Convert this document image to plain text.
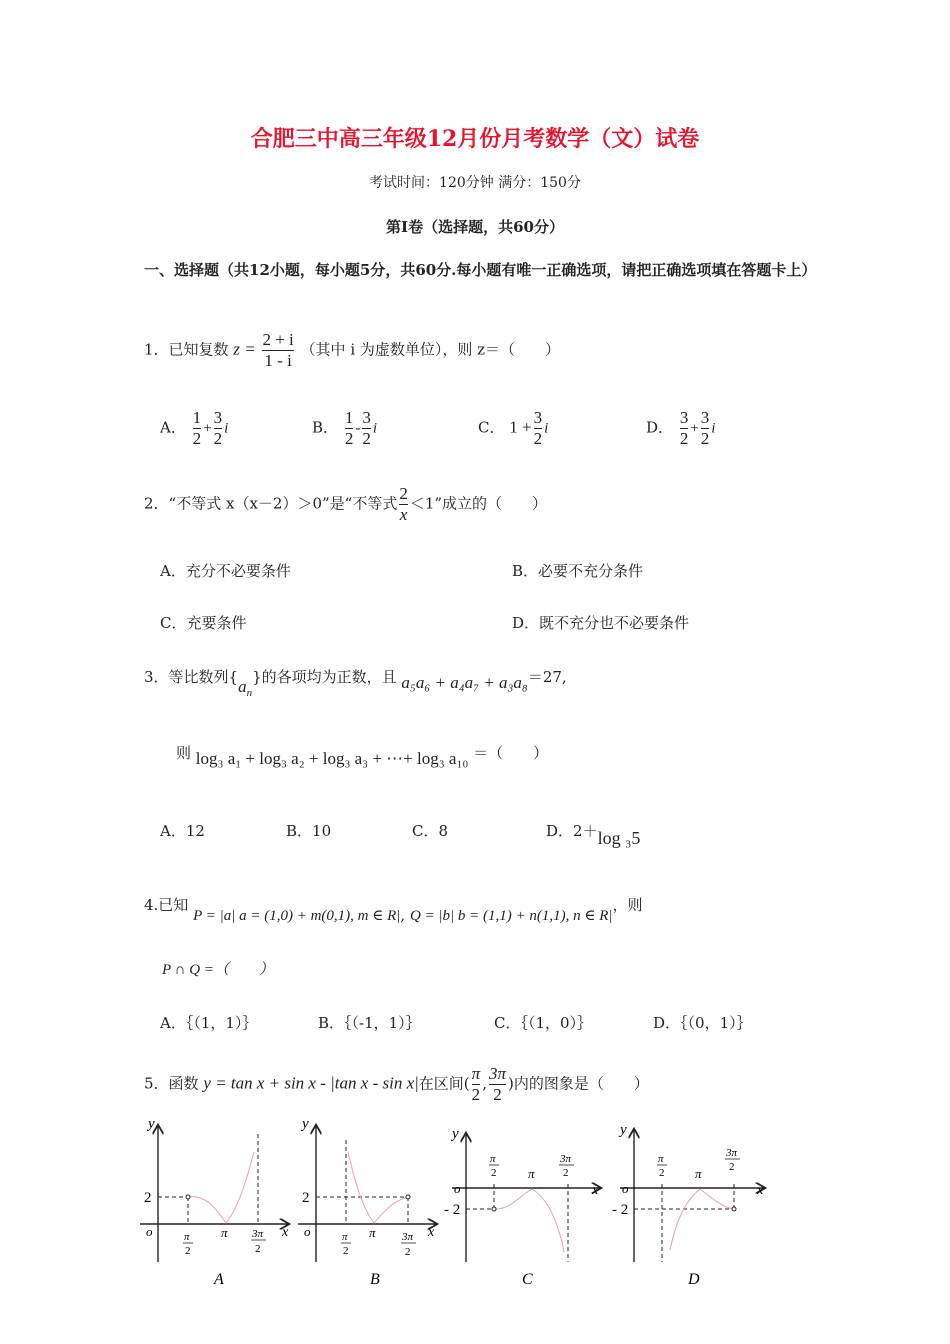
合肥三中高三年级12月份月考数学（文）试卷
考试时间：120分钟 满分：150分
第Ⅰ卷（选择题，共60分）
一、选择题（共12小题，每小题5分，共60分.每小题有唯一正确选项，请把正确选项填在答题卡上）
1．已知复数 $z = \frac{2 + i}{1 - i}$ （其中 i 为虚数单位），则 z＝（　　）
A． $\frac{1}{2} + \frac{3}{2}$ i	B． $\frac{1}{2} - \frac{3}{2}$ i	C． $1 + \frac{3}{2}$ i	D． $\frac{3}{2} + \frac{3}{2}$ i
2．“不等式 x（x－2）＞0”是“不等式 $\frac{2}{x} <1$”成立的（　　）
A．充分不必要条件	B．必要不充分条件
C．充要条件	D．既不充分也不必要条件
3．等比数列$\{a_n\}$的各项均为正数，且 a₅a₆ + a₄a₇ + a₃a₈＝27,
则 log₃ a₁ + log₃ a₂ + log₃ a₃ + ⋯+ log₃ a₁₀ ＝（　　）
A．12	B．10	C．8	D．2＋log ₃5
4.已知 P = |a| a = (1,0) + m(0,1), m ∈ R|, Q = |b| b = (1,1) + n(1,1), n ∈ R|，则
P ∩ Q =（　　）
A．｛（1，1）｝	B．｛（-1，1）｝	C．｛（1，0）｝	D．｛（0，1）｝
5．函数 y = tan x + sin x - |tan x - sin x|在区间( $\frac{\pi}{2}$ , $\frac{3\pi}{2}$ )内的图象是（　　）
y
x
o
2
π
2
π 3π
2
A
y
x
o
2
π
2
π 3π
2
B
y
x
o
- 2
π
2 π
3π
2
C
y
x
o
- 2
π
2 π
3π
2
D
